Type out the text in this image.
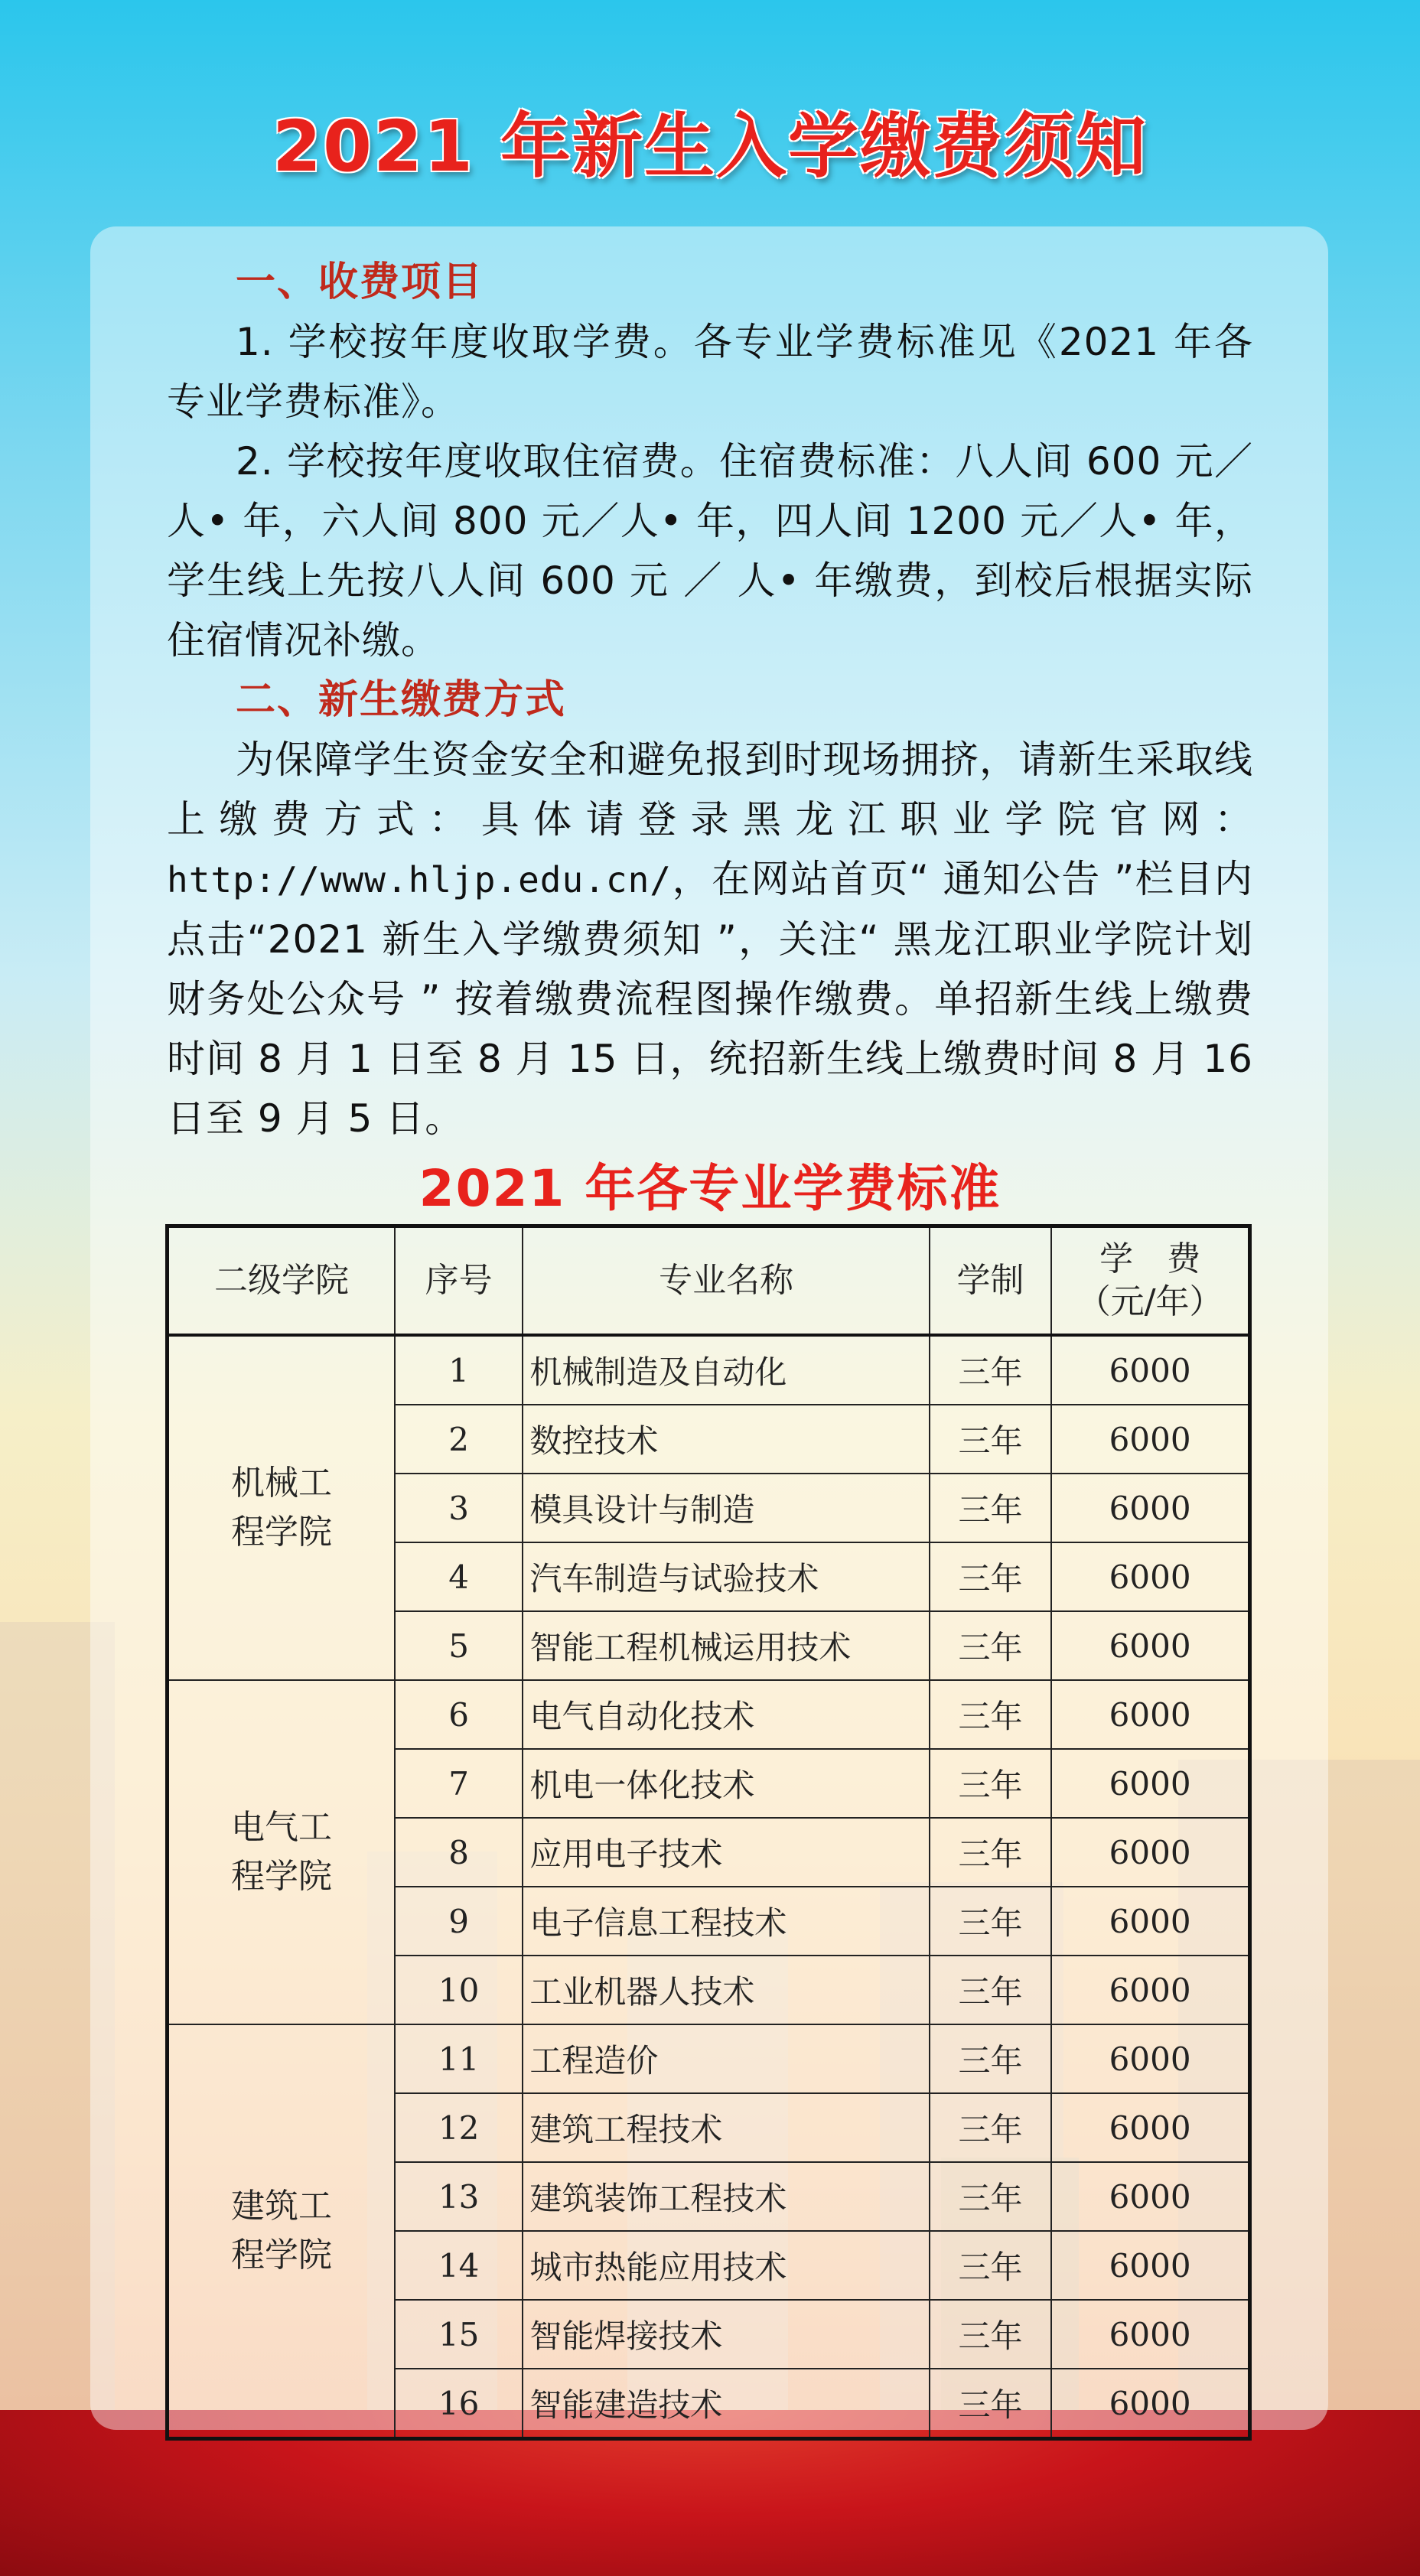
2021 年新生入学缴费须知
一、收费项目

1. 学校按年度收取学费。各专业学费标准见《2021 年各专业学费标准》。

2. 学校按年度收取住宿费。住宿费标准：八人间 600 元／人• 年，六人间 800 元／人• 年，四人间 1200 元／人• 年，学生线上先按八人间 600 元 ／ 人• 年缴费，到校后根据实际住宿情况补缴。

二、新生缴费方式

为保障学生资金安全和避免报到时现场拥挤，请新生采取线上缴费方式：具体请登录黑龙江职业学院官网：http://www.hljp.edu.cn/，在网站首页“ 通知公告 ”栏目内点击“2021 新生入学缴费须知 ”，关注“ 黑龙江职业学院计划财务处公众号 ” 按着缴费流程图操作缴费。单招新生线上缴费时间 8 月 1 日至 8 月 15 日，统招新生线上缴费时间 8 月 16 日至 9 月 5 日。

2021 年各专业学费标准
二级学院	序号	专业名称	学制	学　费
（元/年）

机械工程学院	1	机械制造及自动化	三年	6000
	2	数控技术	三年	6000
	3	模具设计与制造	三年	6000
	4	汽车制造与试验技术	三年	6000
	5	智能工程机械运用技术	三年	6000
电气工程学院	6	电气自动化技术	三年	6000
	7	机电一体化技术	三年	6000
	8	应用电子技术	三年	6000
	9	电子信息工程技术	三年	6000
	10	工业机器人技术	三年	6000
建筑工程学院	11	工程造价	三年	6000
	12	建筑工程技术	三年	6000
	13	建筑装饰工程技术	三年	6000
	14	城市热能应用技术	三年	6000
	15	智能焊接技术	三年	6000
	16	智能建造技术	三年	6000
